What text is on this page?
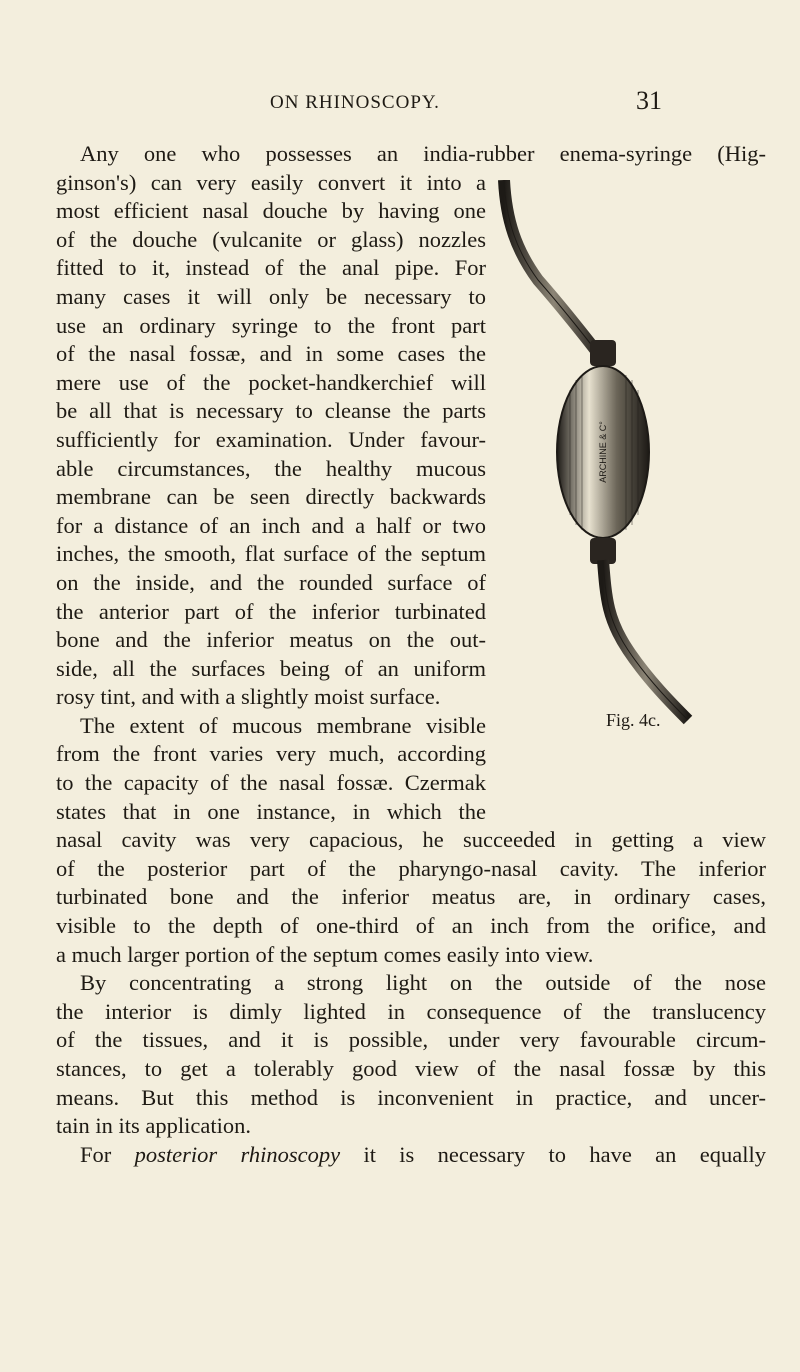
ON RHINOSCOPY.	31
Any one who possesses an india-rubber enema-syringe (Hig-
ginson's) can very easily convert it into a
most efficient nasal douche by having one
of the douche (vulcanite or glass) nozzles
fitted to it, instead of the anal pipe. For
many cases it will only be necessary to
use an ordinary syringe to the front part
of the nasal fossæ, and in some cases the
mere use of the pocket-handkerchief will
be all that is necessary to cleanse the parts
sufficiently for examination. Under favour-
able circumstances, the healthy mucous
membrane can be seen directly backwards
for a distance of an inch and a half or two
inches, the smooth, flat surface of the septum
on the inside, and the rounded surface of
the anterior part of the inferior turbinated
bone and the inferior meatus on the out-
side, all the surfaces being of an uniform
rosy tint, and with a slightly moist surface.
The extent of mucous membrane visible
from the front varies very much, according
to the capacity of the nasal fossæ. Czermak
states that in one instance, in which the
nasal cavity was very capacious, he succeeded in getting a view
of the posterior part of the pharyngo-nasal cavity. The inferior
turbinated bone and the inferior meatus are, in ordinary cases,
visible to the depth of one-third of an inch from the orifice, and
a much larger portion of the septum comes easily into view.
By concentrating a strong light on the outside of the nose
the interior is dimly lighted in consequence of the translucency
of the tissues, and it is possible, under very favourable circum-
stances, to get a tolerably good view of the nasal fossæ by this
means. But this method is inconvenient in practice, and uncer-
tain in its application.
For posterior rhinoscopy it is necessary to have an equally
ARCHINE & C°
Fig. 4c.
